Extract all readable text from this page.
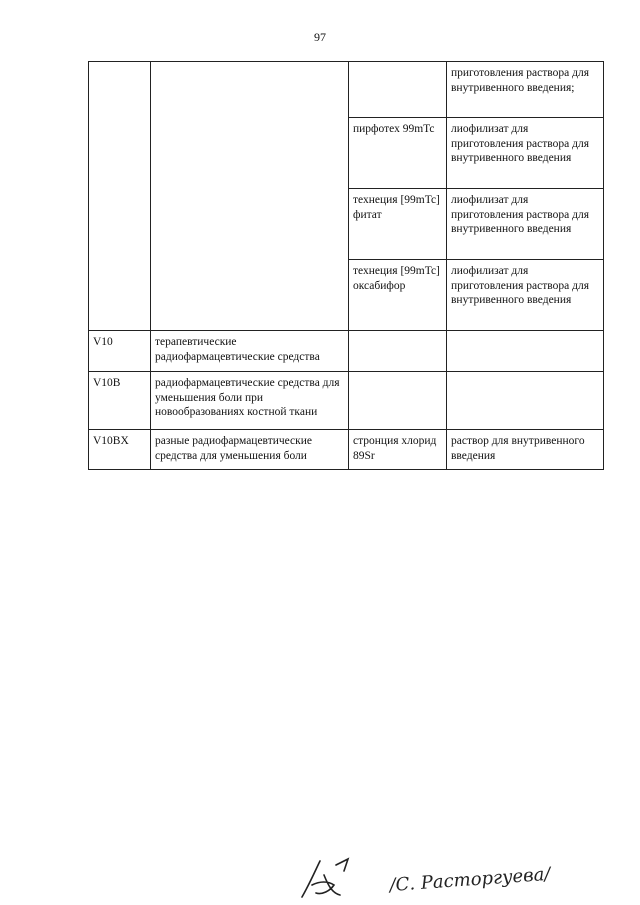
97
			приготовления раствора для внутривенного введения;
		пирфотех 99mTc	лиофилизат для приготовления раствора для внутривенного введения
		технеция [99mTc] фитат	лиофилизат для приготовления раствора для внутривенного введения
		технеция [99mTc] оксабифор	лиофилизат для приготовления раствора для внутривенного введения
V10	терапевтические радиофармацевтические средства		
V10B	радиофармацевтические средства для уменьшения боли при новообразованиях костной ткани		
V10BX	разные радиофармацевтические средства для уменьшения боли	стронция хлорид 89Sr	раствор для внутривенного введения
/С. Расторгуева/
